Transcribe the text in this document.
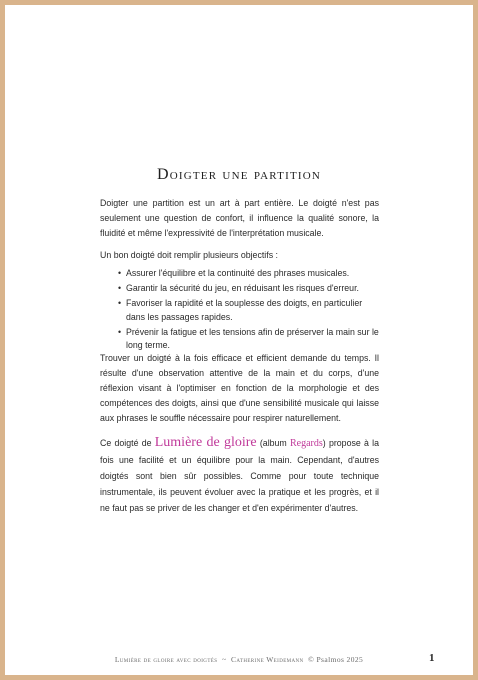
Doigter une partition
Doigter une partition est un art à part entière. Le doigté n'est pas seulement une question de confort, il influence la qualité sonore, la fluidité et même l'expressivité de l'interprétation musicale.
Un bon doigté doit remplir plusieurs objectifs :
• Assurer l'équilibre et la continuité des phrases musicales.
• Garantir la sécurité du jeu, en réduisant les risques d'erreur.
• Favoriser la rapidité et la souplesse des doigts, en particulier dans les passages rapides.
• Prévenir la fatigue et les tensions afin de préserver la main sur le long terme.
Trouver un doigté à la fois efficace et efficient demande du temps. Il résulte d'une observation attentive de la main et du corps, d'une réflexion visant à l'optimiser en fonction de la morphologie et des compétences des doigts, ainsi que d'une sensibilité musicale qui laisse aux phrases le souffle nécessaire pour respirer naturellement.
Ce doigté de Lumière de gloire (album Regards) propose à la fois une facilité et un équilibre pour la main. Cependant, d'autres doigtés sont bien sûr possibles. Comme pour toute technique instrumentale, ils peuvent évoluer avec la pratique et les progrès, et il ne faut pas se priver de les changer et d'en expérimenter d'autres.
Lumière de gloire avec doigtés ~ Catherine Weidemann © Psalmos 2025	1
